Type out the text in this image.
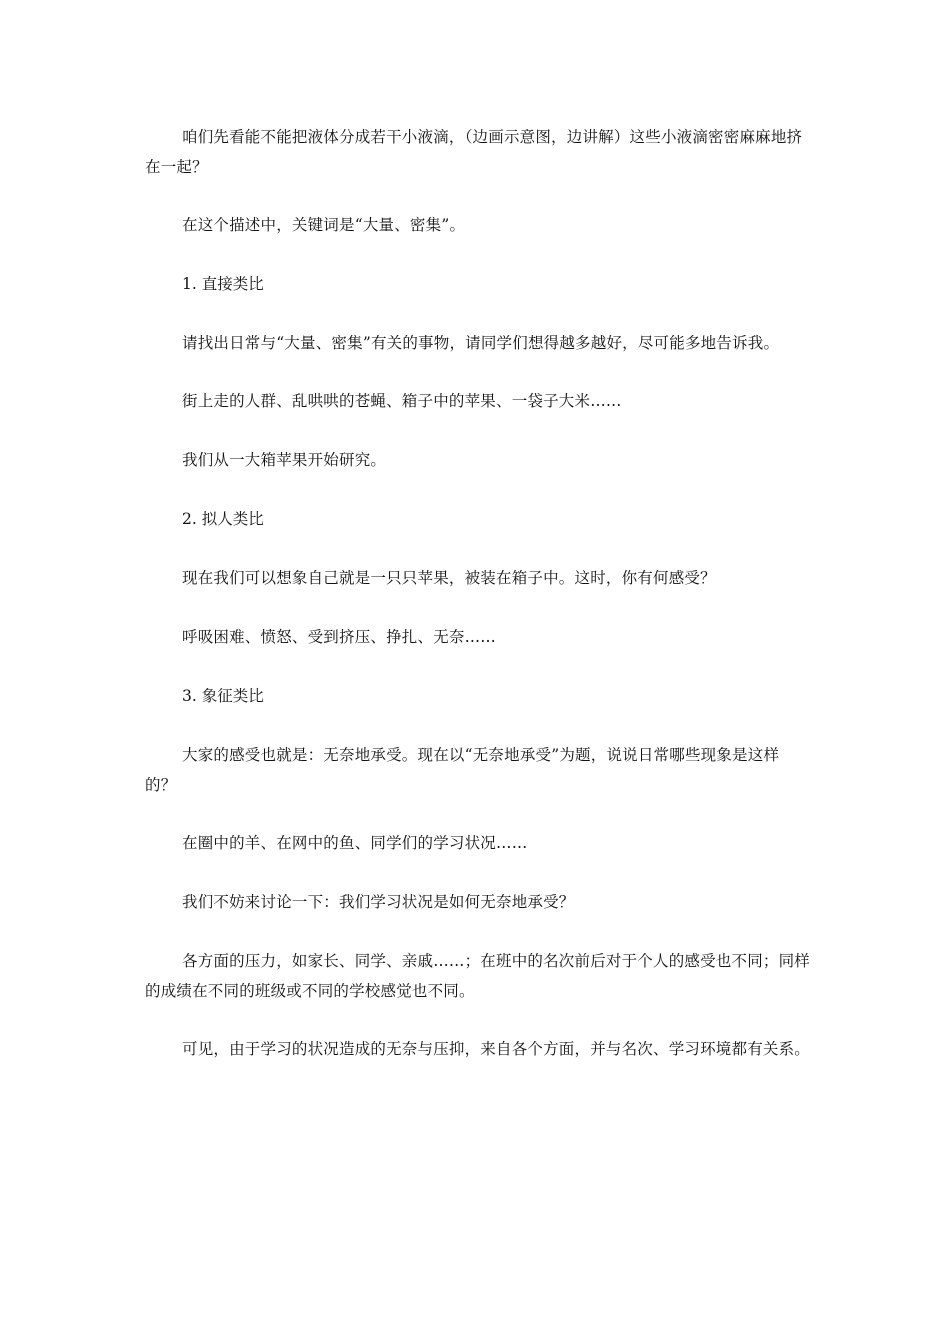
咱们先看能不能把液体分成若干小液滴，（边画示意图，边讲解）这些小液滴密密麻麻地挤在一起？

在这个描述中，关键词是“大量、密集”。

1. 直接类比

请找出日常与“大量、密集”有关的事物，请同学们想得越多越好，尽可能多地告诉我。

街上走的人群、乱哄哄的苍蝇、箱子中的苹果、一袋子大米……

我们从一大箱苹果开始研究。

2. 拟人类比

现在我们可以想象自己就是一只只苹果，被装在箱子中。这时，你有何感受？

呼吸困难、愤怒、受到挤压、挣扎、无奈……

3. 象征类比

大家的感受也就是：无奈地承受。现在以“无奈地承受”为题，说说日常哪些现象是这样的？

在圈中的羊、在网中的鱼、同学们的学习状况……

我们不妨来讨论一下：我们学习状况是如何无奈地承受？

各方面的压力，如家长、同学、亲戚……；在班中的名次前后对于个人的感受也不同；同样的成绩在不同的班级或不同的学校感觉也不同。

可见，由于学习的状况造成的无奈与压抑，来自各个方面，并与名次、学习环境都有关系。
